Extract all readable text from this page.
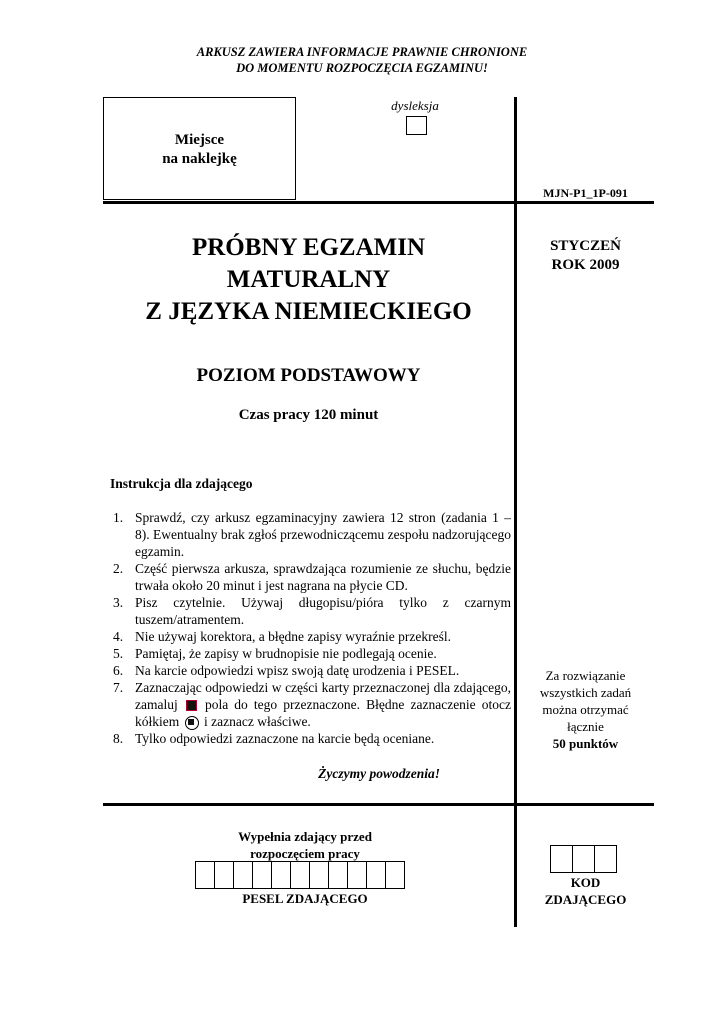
ARKUSZ ZAWIERA INFORMACJE PRAWNIE CHRONIONE
DO MOMENTU ROZPOCZĘCIA EGZAMINU!
Miejsce
na naklejkę
dysleksja
MJN-P1_1P-091
PRÓBNY EGZAMIN
MATURALNY
Z JĘZYKA NIEMIECKIEGO
POZIOM PODSTAWOWY
Czas pracy 120 minut
STYCZEŃ
ROK 2009
Instrukcja dla zdającego
1. Sprawdź, czy arkusz egzaminacyjny zawiera 12 stron (zadania 1 – 8). Ewentualny brak zgłoś przewodniczącemu zespołu nadzorującego egzamin.
2. Część pierwsza arkusza, sprawdzająca rozumienie ze słuchu, będzie trwała około 20 minut i jest nagrana na płycie CD.
3. Pisz czytelnie. Używaj długopisu/pióra tylko z czarnym tuszem/atramentem.
4. Nie używaj korektora, a błędne zapisy wyraźnie przekreśl.
5. Pamiętaj, że zapisy w brudnopisie nie podlegają ocenie.
6. Na karcie odpowiedzi wpisz swoją datę urodzenia i PESEL.
7. Zaznaczając odpowiedzi w części karty przeznaczonej dla zdającego, zamaluj pola do tego przeznaczone. Błędne zaznaczenie otocz kółkiem i zaznacz właściwe.
8. Tylko odpowiedzi zaznaczone na karcie będą oceniane.
Życzymy powodzenia!
Za rozwiązanie
wszystkich zadań
można otrzymać
łącznie
50 punktów
Wypełnia zdający przed
rozpoczęciem pracy
PESEL ZDAJĄCEGO
KOD
ZDAJĄCEGO
